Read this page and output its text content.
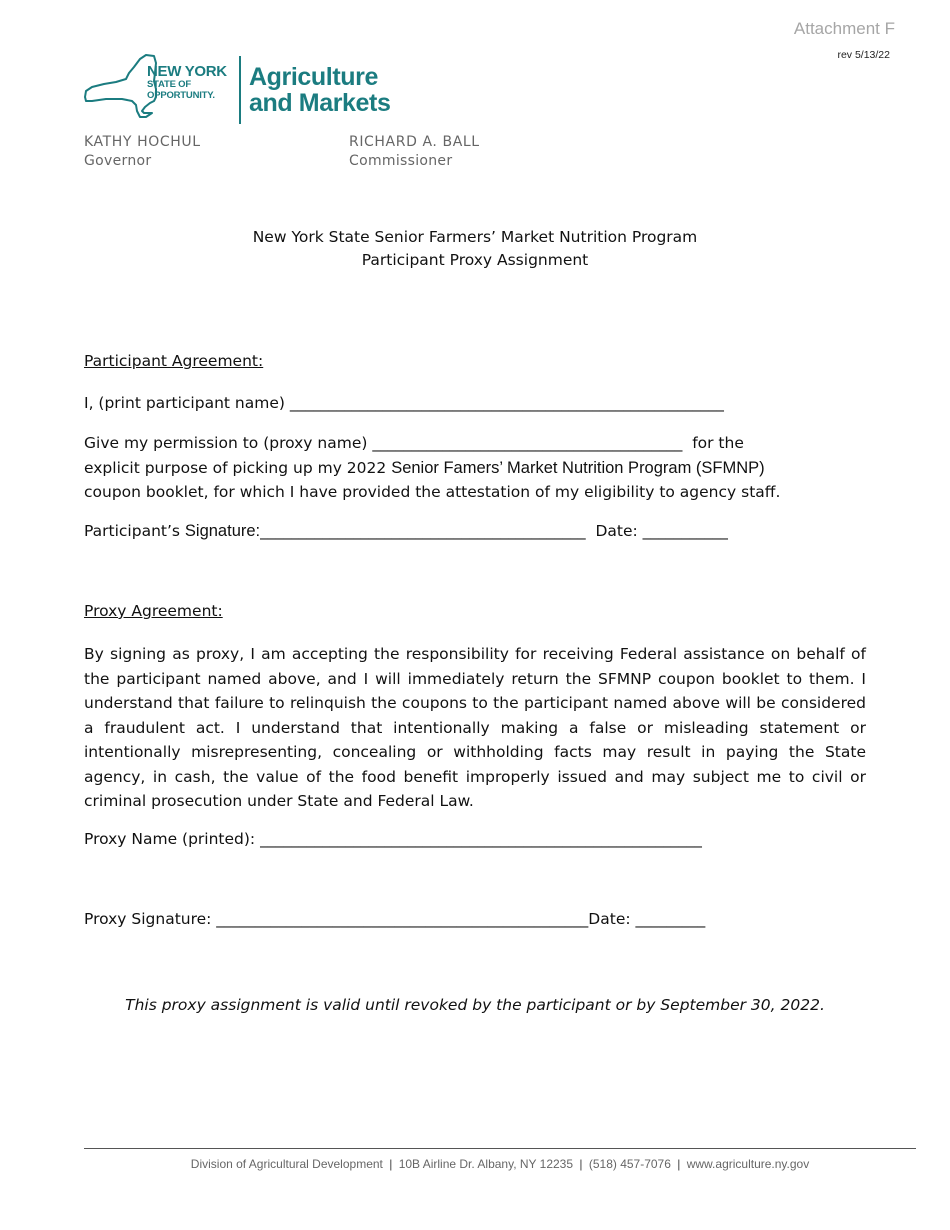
Attachment F
rev 5/13/22
NEW YORK
STATE OF
OPPORTUNITY.
Agriculture
and Markets
KATHY HOCHUL
Governor
RICHARD A. BALL
Commissioner
New York State Senior Farmers’ Market Nutrition Program
Participant Proxy Assignment
Participant Agreement:
I, (print participant name) ________________________________________________________
Give my permission to (proxy name) ________________________________________  for the
explicit purpose of picking up my 2022 Senior Famers’ Market Nutrition Program (SFMNP)
coupon booklet, for which I have provided the attestation of my eligibility to agency staff.
Participant’s Signature:__________________________________________  Date: ___________
Proxy Agreement:
By signing as proxy, I am accepting the responsibility for receiving Federal assistance on behalf of the participant named above, and I will immediately return the SFMNP coupon booklet to them. I understand that failure to relinquish the coupons to the participant named above will be considered a fraudulent act. I understand that intentionally making a false or misleading statement or intentionally misrepresenting, concealing or withholding facts may result in paying the State agency, in cash, the value of the food benefit improperly issued and may subject me to civil or criminal prosecution under State and Federal Law.
Proxy Name (printed): _________________________________________________________
Proxy Signature: ________________________________________________Date: _________
This proxy assignment is valid until revoked by the participant or by September 30, 2022.
Division of Agricultural Development | 10B Airline Dr. Albany, NY 12235 | (518) 457-7076 | www.agriculture.ny.gov
